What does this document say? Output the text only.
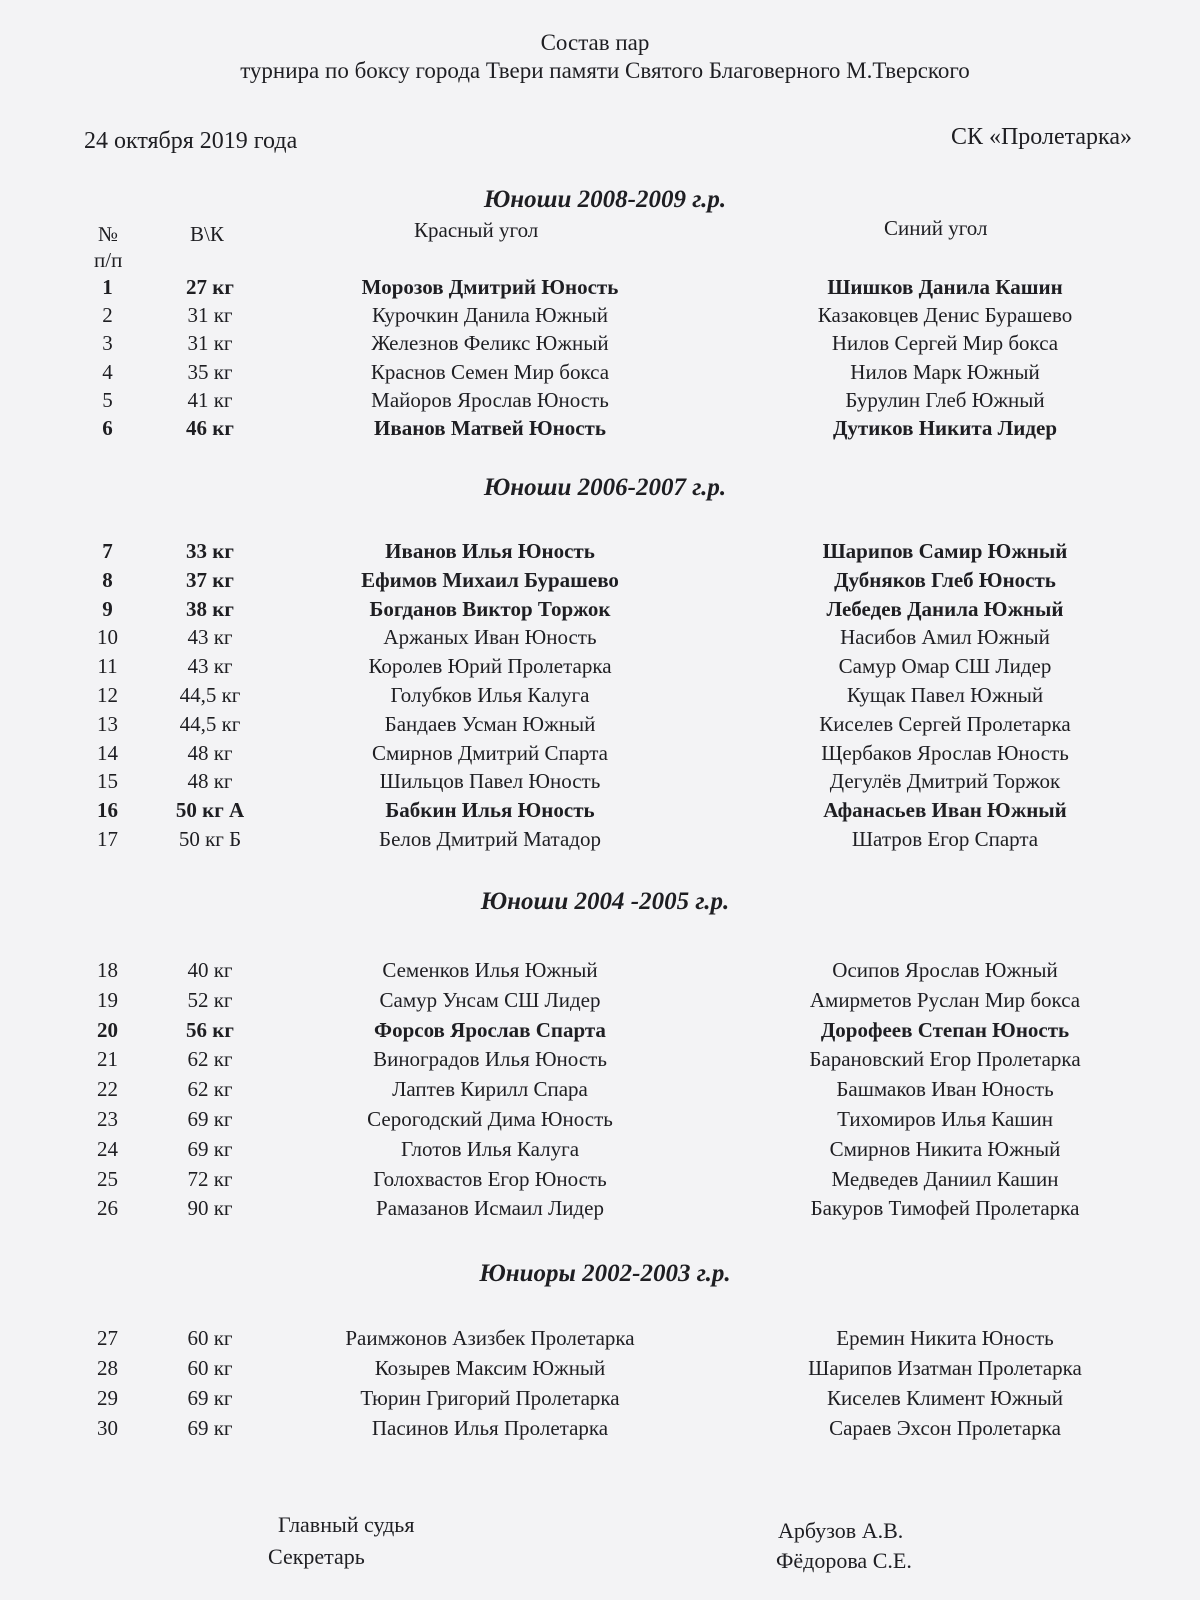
Состав пар
турнира по боксу города Твери памяти Святого Благоверного М.Тверского
24 октября 2019 года	СК «Пролетарка»
№
п/п
В\К	Красный угол	Синий угол
Юноши 2008-2009 г.р.
1	27 кг	Морозов Дмитрий Юность	Шишков Данила Кашин
2	31 кг	Курочкин Данила Южный	Казаковцев Денис Бурашево
3	31 кг	Железнов Феликс Южный	Нилов Сергей Мир бокса
4	35 кг	Краснов Семен Мир бокса	Нилов Марк Южный
5	41 кг	Майоров Ярослав Юность	Бурулин Глеб Южный
6	46 кг	Иванов Матвей Юность	Дутиков Никита Лидер
Юноши 2006-2007 г.р.
7	33 кг	Иванов Илья Юность	Шарипов Самир Южный
8	37 кг	Ефимов Михаил Бурашево	Дубняков Глеб Юность
9	38 кг	Богданов Виктор Торжок	Лебедев Данила Южный
10	43 кг	Аржаных Иван Юность	Насибов Амил Южный
11	43 кг	Королев Юрий Пролетарка	Самур Омар СШ Лидер
12	44,5 кг	Голубков Илья Калуга	Кущак Павел Южный
13	44,5 кг	Бандаев Усман Южный	Киселев Сергей Пролетарка
14	48 кг	Смирнов Дмитрий Спарта	Щербаков Ярослав Юность
15	48 кг	Шильцов Павел Юность	Дегулёв Дмитрий Торжок
16	50 кг А	Бабкин Илья Юность	Афанасьев Иван Южный
17	50 кг Б	Белов Дмитрий Матадор	Шатров Егор Спарта
Юноши 2004 -2005 г.р.
18	40 кг	Семенков Илья Южный	Осипов Ярослав Южный
19	52 кг	Самур Унсам СШ Лидер	Амирметов Руслан Мир бокса
20	56 кг	Форсов Ярослав Спарта	Дорофеев Степан Юность
21	62 кг	Виноградов Илья Юность	Барановский Егор Пролетарка
22	62 кг	Лаптев Кирилл Спара	Башмаков Иван Юность
23	69 кг	Серогодский Дима Юность	Тихомиров Илья Кашин
24	69 кг	Глотов Илья Калуга	Смирнов Никита Южный
25	72 кг	Голохвастов Егор Юность	Медведев Даниил Кашин
26	90 кг	Рамазанов Исмаил Лидер	Бакуров Тимофей Пролетарка
Юниоры 2002-2003 г.р.
27	60 кг	Раимжонов Азизбек Пролетарка	Еремин Никита Юность
28	60 кг	Козырев Максим Южный	Шарипов Изатман Пролетарка
29	69 кг	Тюрин Григорий Пролетарка	Киселев Климент Южный
30	69 кг	Пасинов Илья Пролетарка	Сараев Эхсон Пролетарка
Главный судья
Секретарь
Арбузов А.В.
Фёдорова С.Е.
